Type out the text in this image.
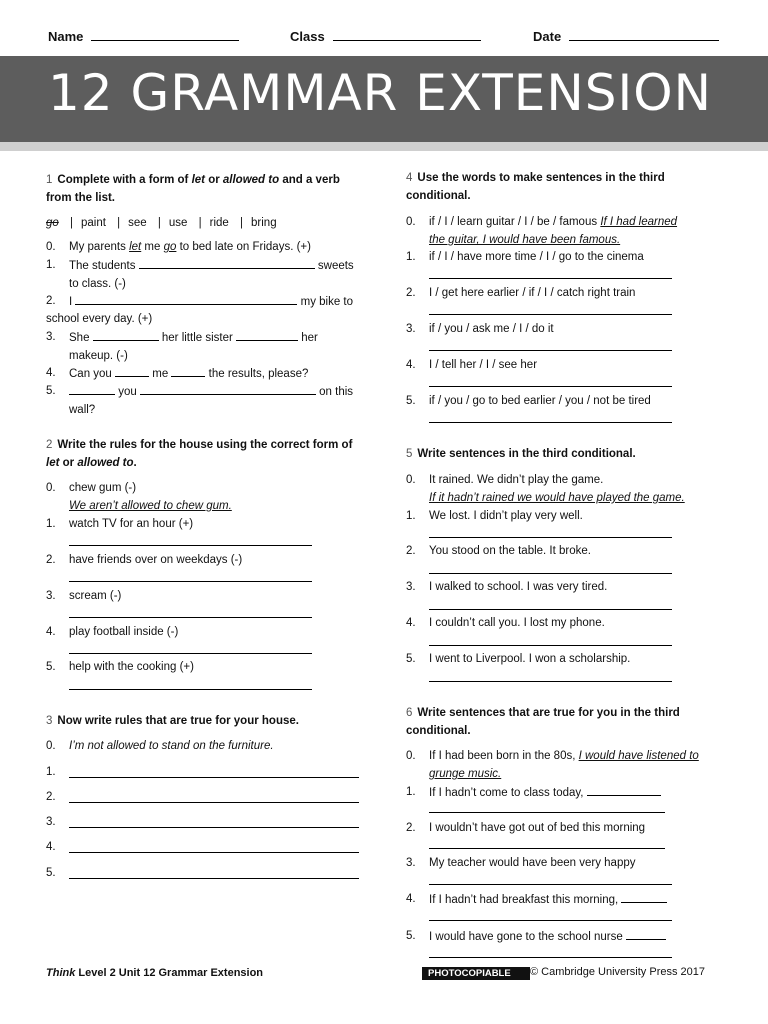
Name	Class	Date
12 GRAMMAR EXTENSION
1 Complete with a form of let or allowed to and a verb from the list.
go | paint | see | use | ride | bring
0. My parents let me go to bed late on Fridays. (+)
1. The students	sweets
to class. (-)
2. I	my bike to
school every day. (+)
3. She	her little sister	her
makeup. (-)
4. Can you	me	the results, please?
5.	you	on this
wall?
2 Write the rules for the house using the correct form of let or allowed to.
0. chew gum (-)
We aren’t allowed to chew gum.
1. watch TV for an hour (+)
2. have friends over on weekdays (-)
3. scream (-)
4. play football inside (-)
5. help with the cooking (+)
3 Now write rules that are true for your house.
0. I’m not allowed to stand on the furniture.
1.
2.
3.
4.
5.
4 Use the words to make sentences in the third conditional.
0. if / I / learn guitar / I / be / famous If I had learned
the guitar, I would have been famous.
1. if / I / have more time / I / go to the cinema
2. I / get here earlier / if / I / catch right train
3. if / you / ask me / I / do it
4. I / tell her / I / see her
5. if / you / go to bed earlier / you / not be tired
5 Write sentences in the third conditional.
0. It rained. We didn’t play the game.
If it hadn’t rained we would have played the game.
1. We lost. I didn’t play very well.
2. You stood on the table. It broke.
3. I walked to school. I was very tired.
4. I couldn’t call you. I lost my phone.
5. I went to Liverpool. I won a scholarship.
6 Write sentences that are true for you in the third conditional.
0. If I had been born in the 80s, I would have listened to
grunge music.
1. If I hadn’t come to class today,
2. I wouldn’t have got out of bed this morning
3. My teacher would have been very happy
4. If I hadn’t had breakfast this morning,
5. I would have gone to the school nurse
Think Level 2 Unit 12 Grammar Extension	PHOTOCOPIABLE	© Cambridge University Press 2017
